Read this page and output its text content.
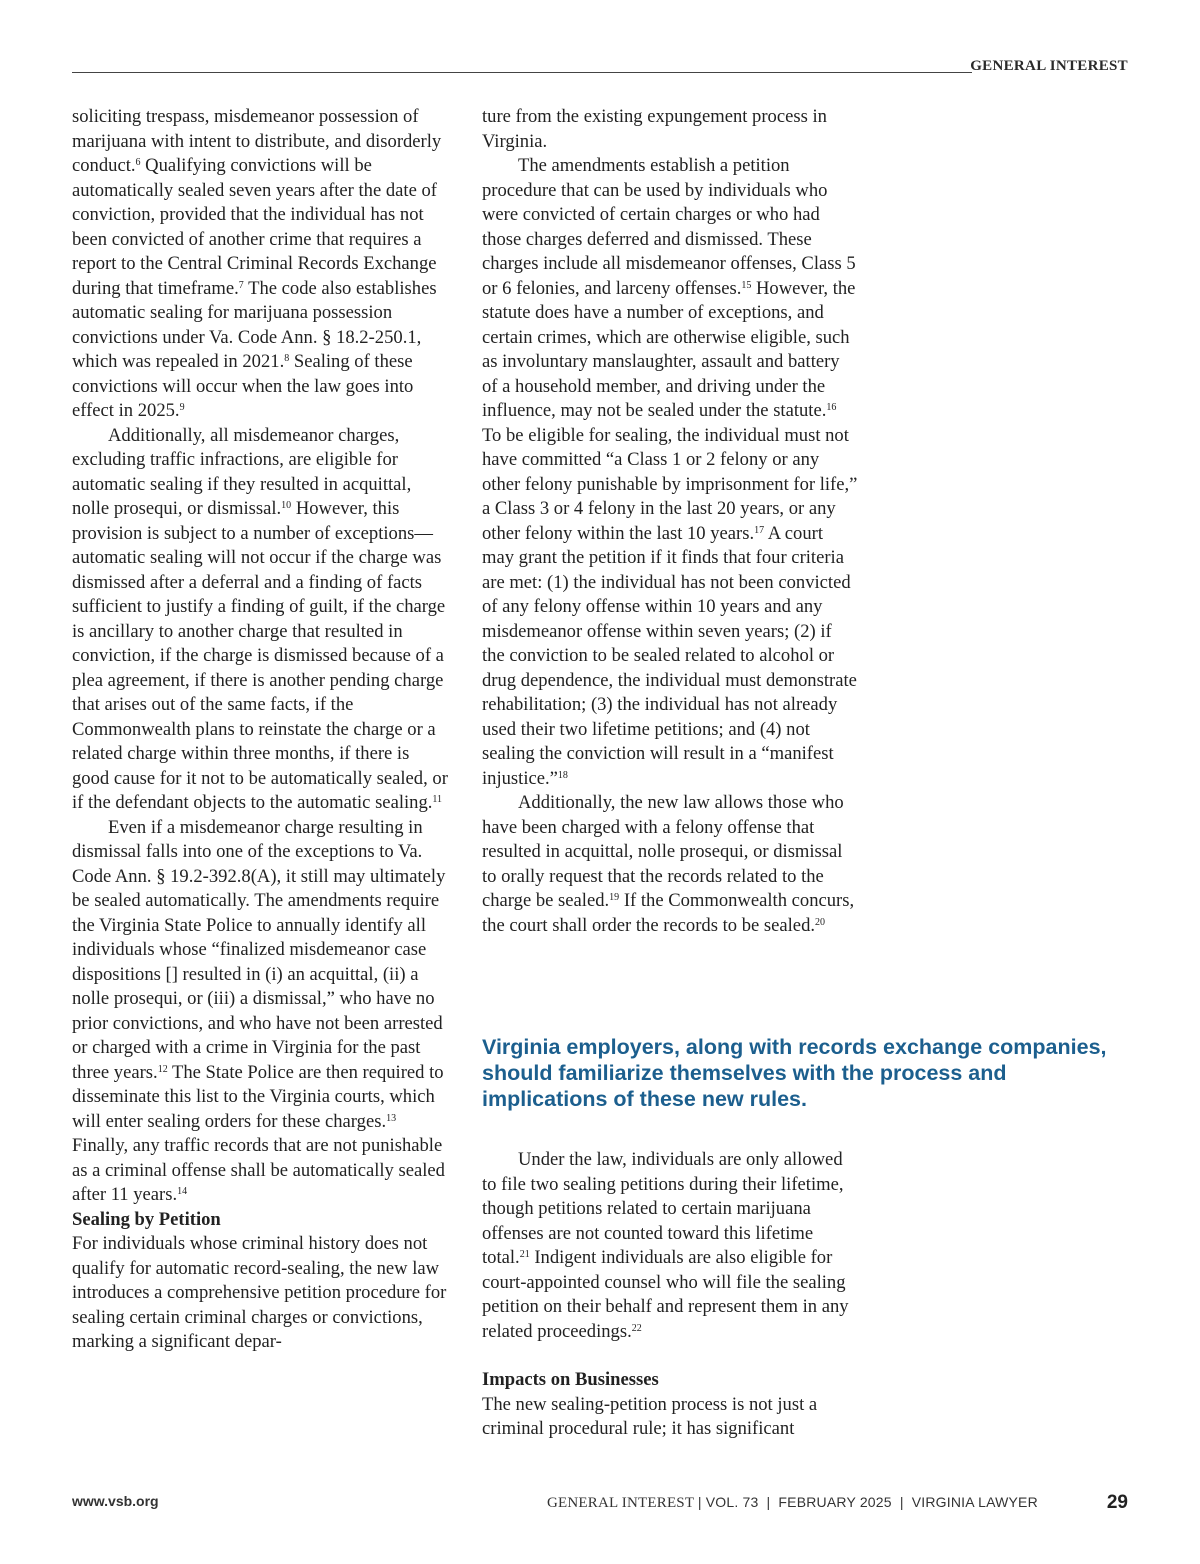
GENERAL INTEREST

soliciting trespass, misdemeanor possession of marijuana with intent to distribute, and disorderly conduct.$^6$ Qualifying convictions will be automatically sealed seven years after the date of conviction, provided that the individual has not been convicted of another crime that requires a report to the Central Criminal Records Exchange during that timeframe.$^7$ The code also establishes automatic sealing for marijuana possession convictions under Va. Code Ann. § 18.2-250.1, which was repealed in 2021.$^8$ Sealing of these convictions will occur when the law goes into effect in 2025.$^9$

Additionally, all misdemeanor charges, excluding traffic infractions, are eligible for automatic sealing if they resulted in acquittal, nolle prosequi, or dismissal.$^{10}$ However, this provision is subject to a number of exceptions—automatic sealing will not occur if the charge was dismissed after a deferral and a finding of facts sufficient to justify a finding of guilt, if the charge is ancillary to another charge that resulted in conviction, if the charge is dismissed because of a plea agreement, if there is another pending charge that arises out of the same facts, if the Commonwealth plans to reinstate the charge or a related charge within three months, if there is good cause for it not to be automatically sealed, or if the defendant objects to the automatic sealing.$^{11}$

Even if a misdemeanor charge resulting in dismissal falls into one of the exceptions to Va. Code Ann. § 19.2-392.8(A), it still may ultimately be sealed automatically. The amendments require the Virginia State Police to annually identify all individuals whose “finalized misdemeanor case dispositions [] resulted in (i) an acquittal, (ii) a nolle prosequi, or (iii) a dismissal,” who have no prior convictions, and who have not been arrested or charged with a crime in Virginia for the past three years.$^{12}$ The State Police are then required to disseminate this list to the Virginia courts, which will enter sealing orders for these charges.$^{13}$ Finally, any traffic records that are not punishable as a criminal offense shall be automatically sealed after 11 years.$^{14}$

Sealing by Petition

For individuals whose criminal history does not qualify for automatic record-sealing, the new law introduces a comprehensive petition procedure for sealing certain criminal charges or convictions, marking a significant depar-

ture from the existing expungement process in Virginia.

The amendments establish a petition procedure that can be used by individuals who were convicted of certain charges or who had those charges deferred and dismissed. These charges include all misdemeanor offenses, Class 5 or 6 felonies, and larceny offenses.$^{15}$ However, the statute does have a number of exceptions, and certain crimes, which are otherwise eligible, such as involuntary manslaughter, assault and battery of a household member, and driving under the influence, may not be sealed under the statute.$^{16}$ To be eligible for sealing, the individual must not have committed “a Class 1 or 2 felony or any other felony punishable by imprisonment for life,” a Class 3 or 4 felony in the last 20 years, or any other felony within the last 10 years.$^{17}$ A court may grant the petition if it finds that four criteria are met: (1) the individual has not been convicted of any felony offense within 10 years and any misdemeanor offense within seven years; (2) if the conviction to be sealed related to alcohol or drug dependence, the individual must demonstrate rehabilitation; (3) the individual has not already used their two lifetime petitions; and (4) not sealing the conviction will result in a “manifest injustice.”$^{18}$

Additionally, the new law allows those who have been charged with a felony offense that resulted in acquittal, nolle prosequi, or dismissal to orally request that the records related to the charge be sealed.$^{19}$ If the Commonwealth concurs, the court shall order the records to be sealed.$^{20}$

Virginia employers, along with records exchange companies, should familiarize themselves with the process and implications of these new rules.

Under the law, individuals are only allowed to file two sealing petitions during their lifetime, though petitions related to certain marijuana offenses are not counted toward this lifetime total.$^{21}$ Indigent individuals are also eligible for court-appointed counsel who will file the sealing petition on their behalf and represent them in any related proceedings.$^{22}$

Impacts on Businesses

The new sealing-petition process is not just a criminal procedural rule; it has significant

www.vsb.org	GENERAL INTEREST | VOL. 73  |  FEBRUARY 2025  |  VIRGINIA LAWYER	29
